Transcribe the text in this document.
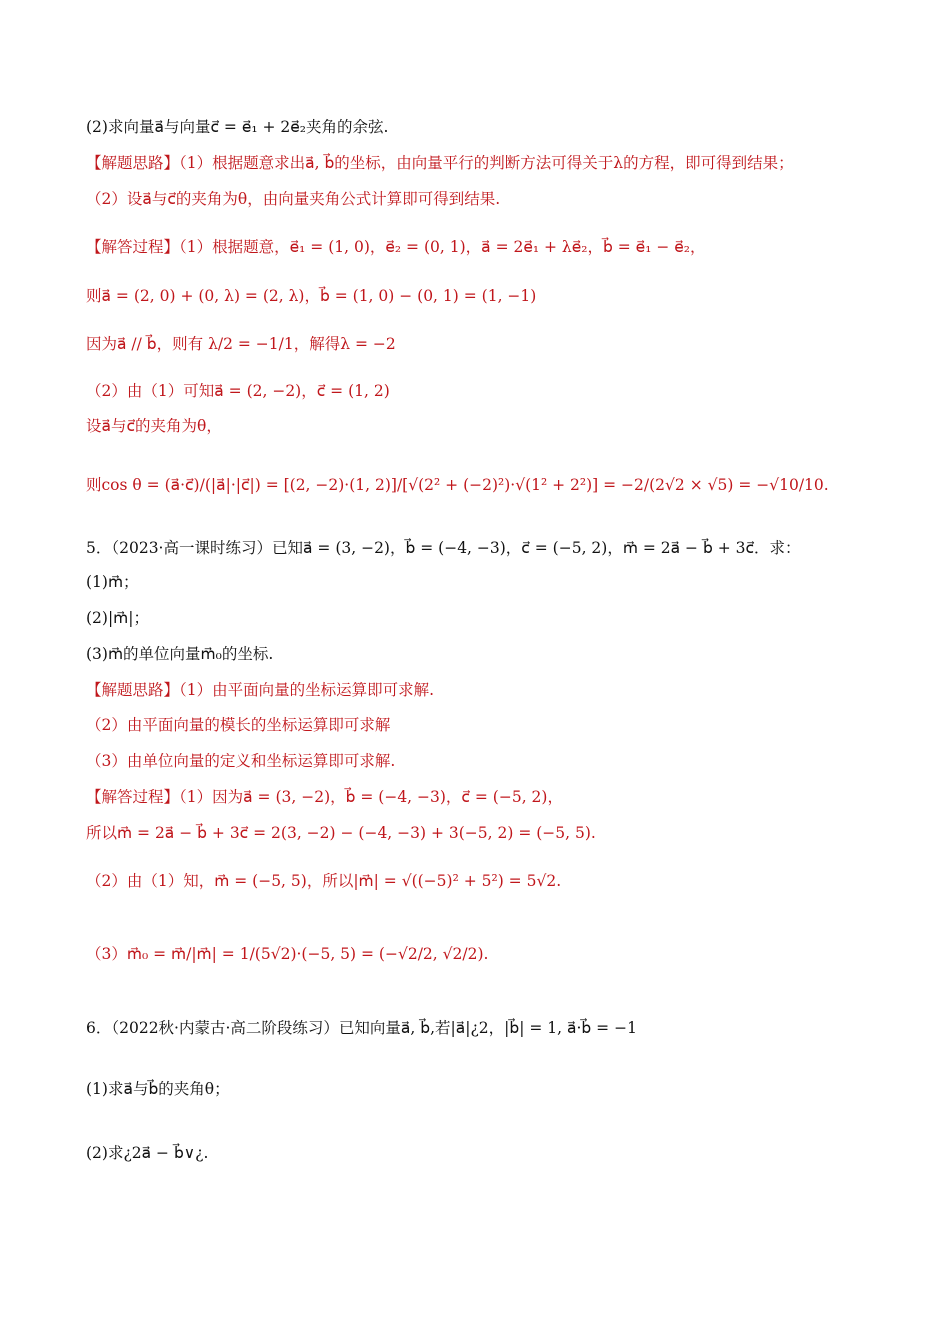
(2)求向量a⃗与向量c⃗ = e⃗₁ + 2e⃗₂夹角的余弦.
【解题思路】（1）根据题意求出a⃗, b⃗的坐标，由向量平行的判断方法可得关于λ的方程，即可得到结果；
（2）设a⃗与c⃗的夹角为θ，由向量夹角公式计算即可得到结果.
【解答过程】（1）根据题意，e⃗₁ = (1, 0)，e⃗₂ = (0, 1)，a⃗ = 2e⃗₁ + λe⃗₂，b⃗ = e⃗₁ − e⃗₂，
则a⃗ = (2, 0) + (0, λ) = (2, λ)，b⃗ = (1, 0) − (0, 1) = (1, −1)
因为a⃗ // b⃗，则有 λ/2 = −1/1，解得λ = −2
（2）由（1）可知a⃗ = (2, −2)，c⃗ = (1, 2)
设a⃗与c⃗的夹角为θ，
则cos θ = (a⃗·c⃗)/(|a⃗|·|c⃗|) = [(2, −2)·(1, 2)]/[√(2² + (−2)²)·√(1² + 2²)] = −2/(2√2 × √5) = −√10/10.
5．（2023·高一课时练习）已知a⃗ = (3, −2)，b⃗ = (−4, −3)，c⃗ = (−5, 2)，m⃗ = 2a⃗ − b⃗ + 3c⃗．求：
(1)m⃗；
(2)|m⃗|；
(3)m⃗的单位向量m⃗₀的坐标.
【解题思路】（1）由平面向量的坐标运算即可求解.
（2）由平面向量的模长的坐标运算即可求解
（3）由单位向量的定义和坐标运算即可求解.
【解答过程】（1）因为a⃗ = (3, −2)，b⃗ = (−4, −3)，c⃗ = (−5, 2)，
所以m⃗ = 2a⃗ − b⃗ + 3c⃗ = 2(3, −2) − (−4, −3) + 3(−5, 2) = (−5, 5).
（2）由（1）知，m⃗ = (−5, 5)，所以|m⃗| = √((−5)² + 5²) = 5√2.
（3）m⃗₀ = m⃗/|m⃗| = 1/(5√2)·(−5, 5) = (−√2/2, √2/2).
6．（2022秋·内蒙古·高二阶段练习）已知向量a⃗, b⃗,若|a⃗|¿2，|b⃗| = 1, a⃗·b⃗ = −1
(1)求a⃗与b⃗的夹角θ；
(2)求¿2a⃗ − b⃗∨¿.
